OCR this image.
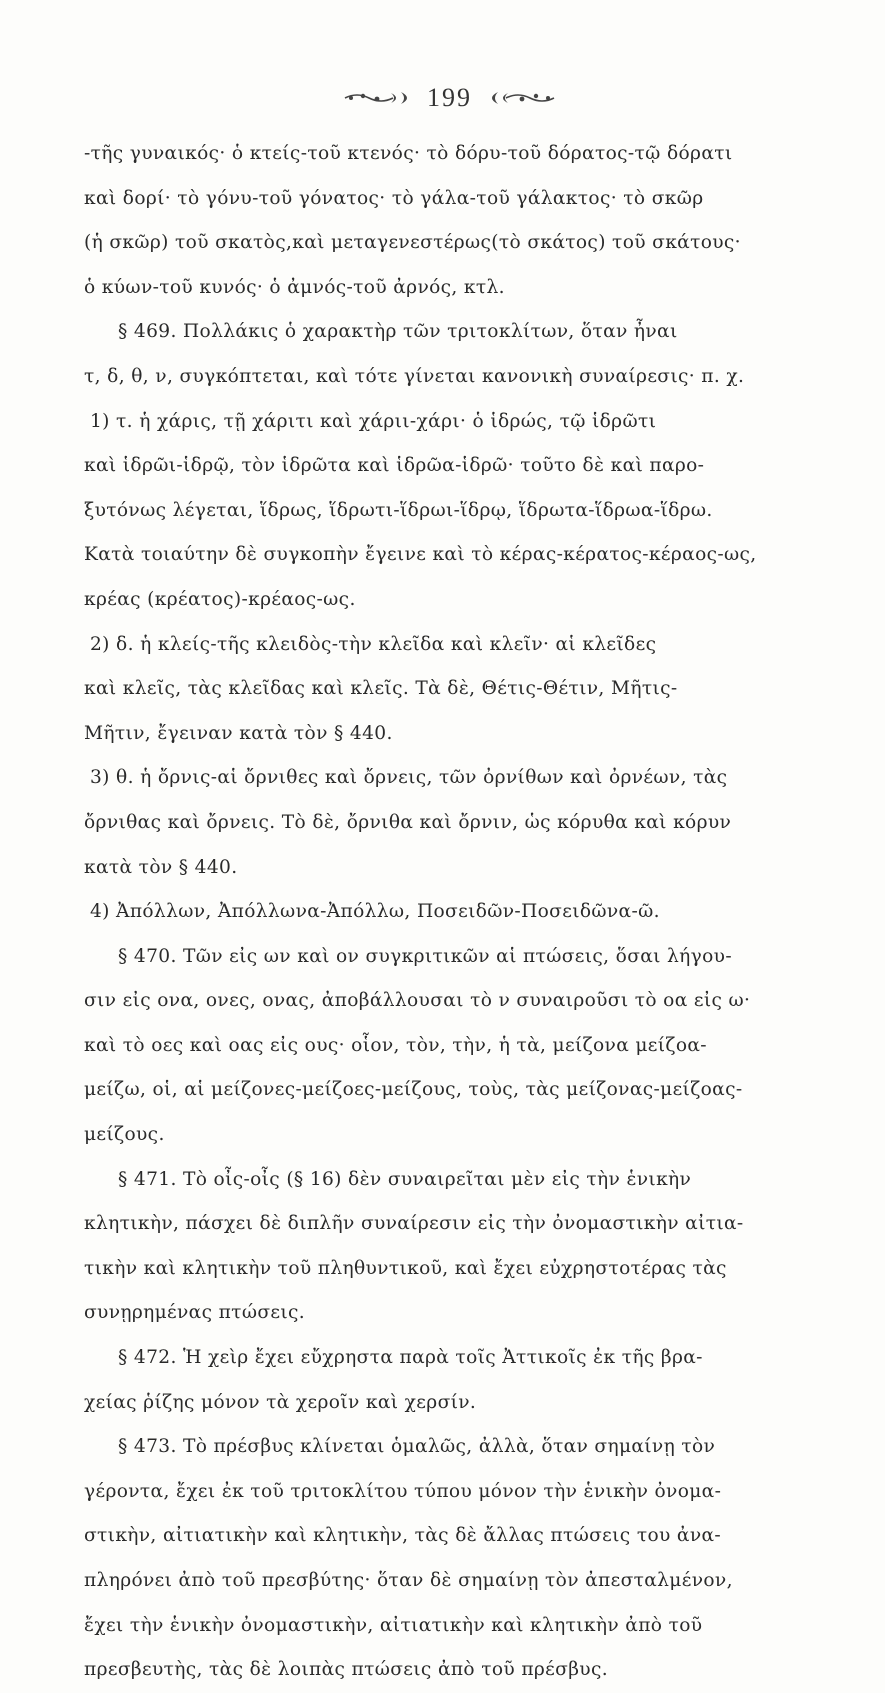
199
-τῆς γυναικός· ὁ κτείς-τοῦ κτενός· τὸ δόρυ-τοῦ δόρατος-τῷ δόρατι
καὶ δορί· τὸ γόνυ-τοῦ γόνατος· τὸ γάλα-τοῦ γάλακτος· τὸ σκῶρ
(ἡ σκῶρ) τοῦ σκατὸς,καὶ μεταγενεστέρως(τὸ σκάτος) τοῦ σκάτους·
ὁ κύων-τοῦ κυνός· ὁ ἀμνός-τοῦ ἀρνός, κτλ.
§ 469. Πολλάκις ὁ χαρακτὴρ τῶν τριτοκλίτων, ὅταν ἦναι
τ, δ, θ, ν, συγκόπτεται, καὶ τότε γίνεται κανονικὴ συναίρεσις· π. χ.
1) τ. ἡ χάρις, τῇ χάριτι καὶ χάριι-χάρι· ὁ ἱδρώς, τῷ ἱδρῶτι
καὶ ἱδρῶι-ἱδρῷ, τὸν ἱδρῶτα καὶ ἱδρῶα-ἱδρῶ· τοῦτο δὲ καὶ παρο-
ξυτόνως λέγεται, ἵδρως, ἵδρωτι-ἵδρωι-ἵδρῳ, ἵδρωτα-ἵδρωα-ἵδρω.
Κατὰ τοιαύτην δὲ συγκοπὴν ἔγεινε καὶ τὸ κέρας-κέρατος-κέραος-ως,
κρέας (κρέατος)-κρέαος-ως.
2) δ. ἡ κλείς-τῆς κλειδὸς-τὴν κλεῖδα καὶ κλεῖν· αἱ κλεῖδες
καὶ κλεῖς, τὰς κλεῖδας καὶ κλεῖς. Τὰ δὲ, Θέτις-Θέτιν, Μῆτις-
Μῆτιν, ἔγειναν κατὰ τὸν § 440.
3) θ. ἡ ὄρνις-αἱ ὄρνιθες καὶ ὄρνεις, τῶν ὀρνίθων καὶ ὀρνέων, τὰς
ὄρνιθας καὶ ὄρνεις. Τὸ δὲ, ὄρνιθα καὶ ὄρνιν, ὡς κόρυθα καὶ κόρυν
κατὰ τὸν § 440.
4) Ἀπόλλων, Ἀπόλλωνα-Ἀπόλλω, Ποσειδῶν-Ποσειδῶνα-ῶ.
§ 470. Τῶν εἰς ων καὶ ον συγκριτικῶν αἱ πτώσεις, ὅσαι λήγου-
σιν εἰς ονα, ονες, ονας, ἀποβάλλουσαι τὸ ν συναιροῦσι τὸ οα εἰς ω·
καὶ τὸ οες καὶ οας εἰς ους· οἷον, τὸν, τὴν, ἡ τὰ, μείζονα μείζοα-
μείζω, οἱ, αἱ μείζονες-μείζοες-μείζους, τοὺς, τὰς μείζονας-μείζοας-
μείζους.
§ 471. Τὸ οἶς-οἶς (§ 16) δὲν συναιρεῖται μὲν εἰς τὴν ἑνικὴν
κλητικὴν, πάσχει δὲ διπλῆν συναίρεσιν εἰς τὴν ὀνομαστικὴν αἰτια-
τικὴν καὶ κλητικὴν τοῦ πληθυντικοῦ, καὶ ἔχει εὐχρηστοτέρας τὰς
συνῃρημένας πτώσεις.
§ 472. Ἡ χεὶρ ἔχει εὔχρηστα παρὰ τοῖς Ἀττικοῖς ἐκ τῆς βρα-
χείας ῥίζης μόνον τὰ χεροῖν καὶ χερσίν.
§ 473. Τὸ πρέσβυς κλίνεται ὁμαλῶς, ἀλλὰ, ὅταν σημαίνῃ τὸν
γέροντα, ἔχει ἐκ τοῦ τριτοκλίτου τύπου μόνον τὴν ἑνικὴν ὀνομα-
στικὴν, αἰτιατικὴν καὶ κλητικὴν, τὰς δὲ ἄλλας πτώσεις του ἀνα-
πληρόνει ἀπὸ τοῦ πρεσβύτης· ὅταν δὲ σημαίνῃ τὸν ἀπεσταλμένον,
ἔχει τὴν ἑνικὴν ὀνομαστικὴν, αἰτιατικὴν καὶ κλητικὴν ἀπὸ τοῦ
πρεσβευτὴς, τὰς δὲ λοιπὰς πτώσεις ἀπὸ τοῦ πρέσβυς.
